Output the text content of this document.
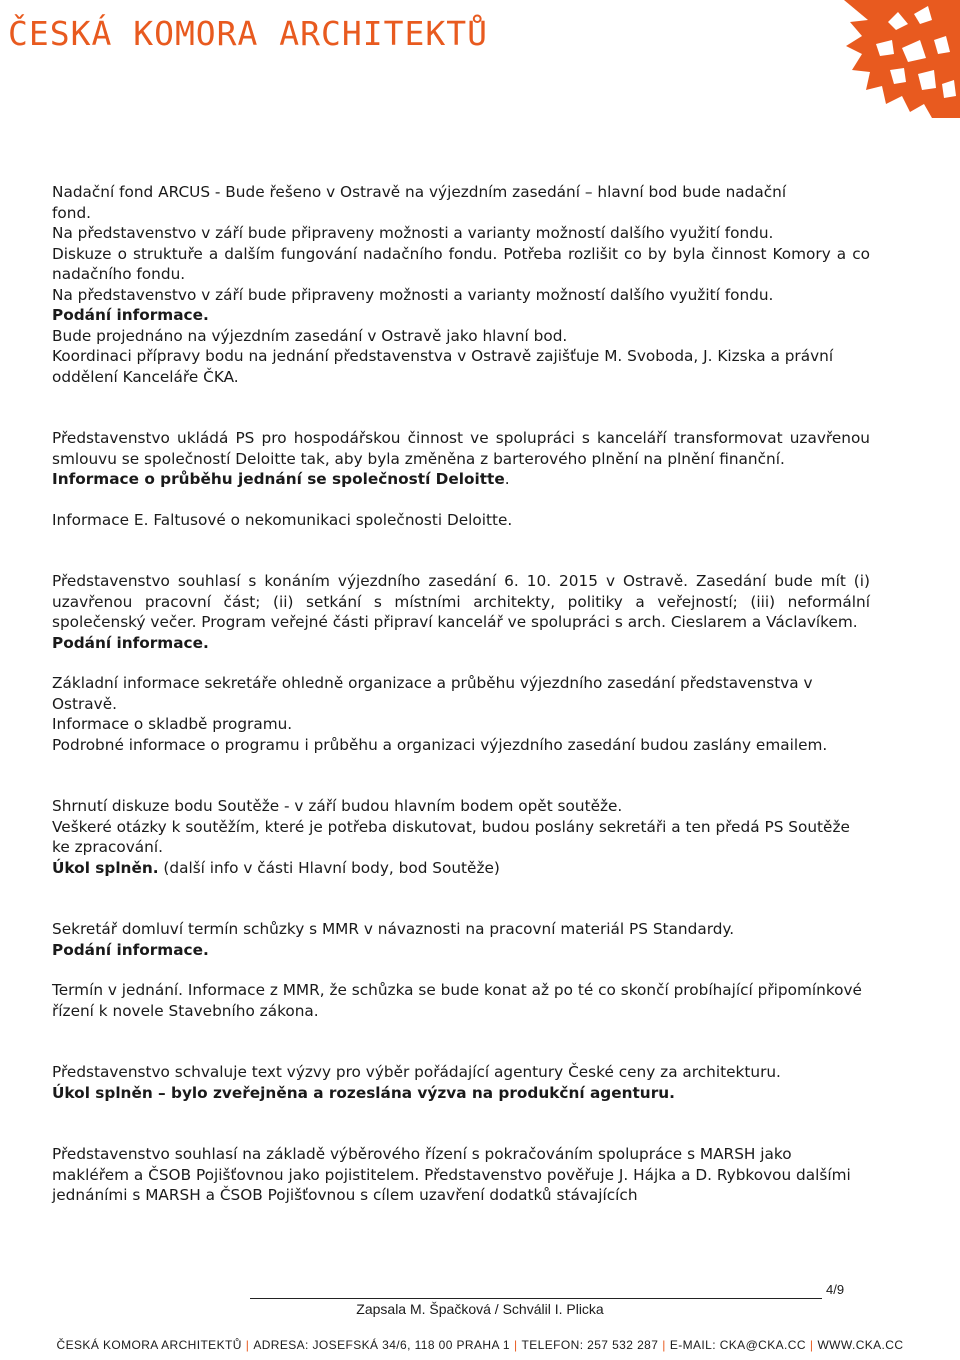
ČESKÁ KOMORA ARCHITEKTŮ

Nadační fond ARCUS - Bude řešeno v Ostravě na výjezdním zasedání – hlavní bod bude nadační
fond.

Na představenstvo v září bude připraveny možnosti a varianty možností dalšího využití fondu.

Diskuze o struktuře a dalším fungování nadačního fondu. Potřeba rozlišit co by byla činnost Komory a co nadačního fondu.

Na představenstvo v září bude připraveny možnosti a varianty možností dalšího využití fondu.

Podání informace.

Bude projednáno na výjezdním zasedání v Ostravě jako hlavní bod.

Koordinaci přípravy bodu na jednání představenstva v Ostravě zajišťuje M. Svoboda, J. Kizska a právní oddělení Kanceláře ČKA.

Představenstvo ukládá PS pro hospodářskou činnost ve spolupráci s kanceláří transformovat uzavřenou smlouvu se společností Deloitte tak, aby byla změněna z barterového plnění na plnění finanční.

Informace o průběhu jednání se společností Deloitte.

Informace E. Faltusové o nekomunikaci společnosti Deloitte.

Představenstvo souhlasí s konáním výjezdního zasedání 6. 10. 2015 v Ostravě. Zasedání bude mít (i) uzavřenou pracovní část; (ii) setkání s místními architekty, politiky a veřejností; (iii) neformální společenský večer. Program veřejné části připraví kancelář ve spolupráci s arch. Cieslarem a Václavíkem.

Podání informace.

Základní informace sekretáře ohledně organizace a průběhu výjezdního zasedání představenstva v Ostravě.

Informace o skladbě programu.

Podrobné informace o programu i průběhu a organizaci výjezdního zasedání budou zaslány emailem.

Shrnutí diskuze bodu Soutěže - v září budou hlavním bodem opět soutěže.

Veškeré otázky k soutěžím, které je potřeba diskutovat, budou poslány sekretáři a ten předá PS Soutěže ke zpracování.

Úkol splněn. (další info v části Hlavní body, bod Soutěže)

Sekretář domluví termín schůzky s MMR v návaznosti na pracovní materiál PS Standardy.

Podání informace.

Termín v jednání. Informace z MMR, že schůzka se bude konat až po té co skončí probíhající připomínkové řízení k novele Stavebního zákona.

Představenstvo schvaluje text výzvy pro výběr pořádající agentury České ceny za architekturu.

Úkol splněn – bylo zveřejněna a rozeslána výzva na produkční agenturu.

Představenstvo souhlasí na základě výběrového řízení s pokračováním spolupráce s MARSH jako makléřem a ČSOB Pojišťovnou jako pojistitelem. Představenstvo pověřuje J. Hájka a D. Rybkovou dalšími jednáními s MARSH a ČSOB Pojišťovnou s cílem uzavření dodatků stávajících

4/9
Zapsala M. Špačková / Schválil I. Plicka
ČESKÁ KOMORA ARCHITEKTŮ | ADRESA: JOSEFSKÁ 34/6, 118 00 PRAHA 1 | TELEFON: 257 532 287 | E-MAIL: CKA@CKA.CC | WWW.CKA.CC
